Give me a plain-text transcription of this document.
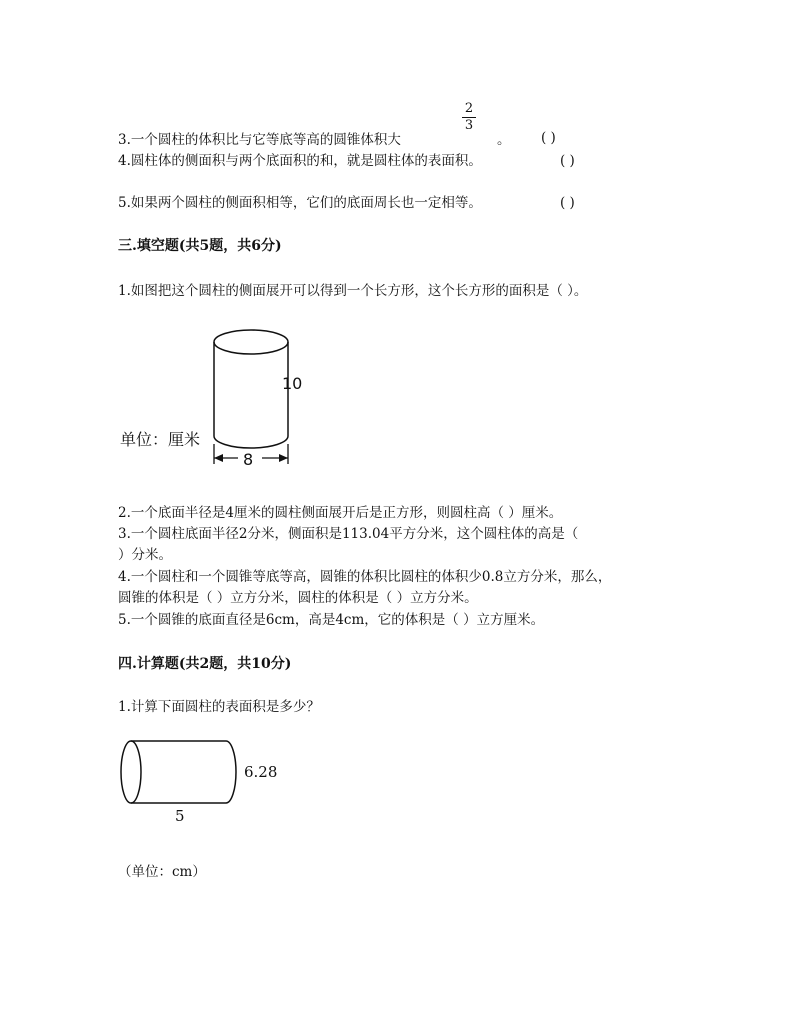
3.一个圆柱的体积比与它等底等高的圆锥体积大
2
3
。 ( )
4.圆柱体的侧面积与两个底面积的和，就是圆柱体的表面积。	( )
5.如果两个圆柱的侧面积相等，它们的底面周长也一定相等。	( )
三.填空题(共5题，共6分)
1.如图把这个圆柱的侧面展开可以得到一个长方形，这个长方形的面积是（ ）。
10
8
单位：厘米
2.一个底面半径是4厘米的圆柱侧面展开后是正方形，则圆柱高（ ）厘米。
3.一个圆柱底面半径2分米，侧面积是113.04平方分米，这个圆柱体的高是（
）分米。
4.一个圆柱和一个圆锥等底等高，圆锥的体积比圆柱的体积少0.8立方分米，那么，
圆锥的体积是（ ）立方分米，圆柱的体积是（ ）立方分米。
5.一个圆锥的底面直径是6cm，高是4cm，它的体积是（ ）立方厘米。
四.计算题(共2题，共10分)
1.计算下面圆柱的表面积是多少？
6.28
5
（单位：cm）
